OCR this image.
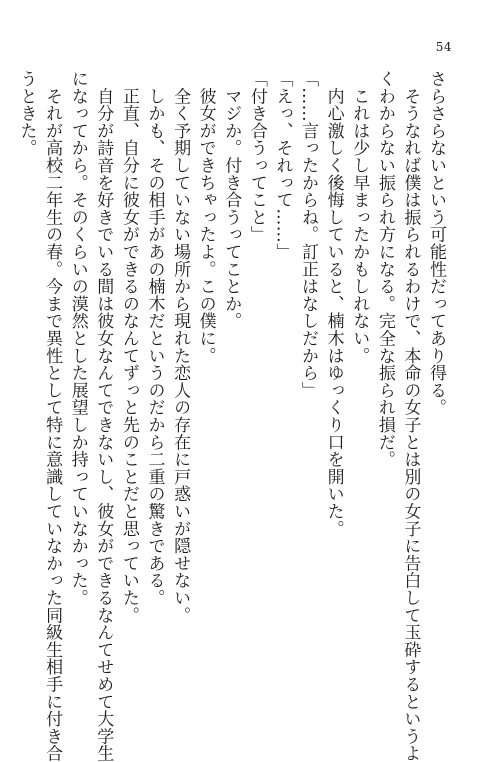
54

さらさらないという可能性だってあり得る。

　そうなれば僕は振られるわけで、本命の女子とは別の女子に告白して玉砕するというよ

くわからない振られ方になる。完全な振られ損だ。

　これは少し早まったかもしれない。

　内心激しく後悔していると、楠木はゆっくり口を開いた。

「……言ったからね。訂正はなしだから」

「えっ、それって……」

「付き合うってこと」

　マジか。付き合うってことか。

　彼女ができちゃったよ。この僕に。

　全く予期していない場所から現れた恋人の存在に戸惑いが隠せない。

　しかも、その相手があの楠木だというのだから二重の驚きである。

　正直、自分に彼女ができるのなんてずっと先のことだと思っていた。

　自分が詩音を好きでいる間は彼女なんてできないし、彼女ができるなんてせめて大学生

になってから。そのくらいの漠然とした展望しか持っていなかった。

　それが高校二年生の春。今まで異性として特に意識していなかった同級生相手に付き合

うときた。
